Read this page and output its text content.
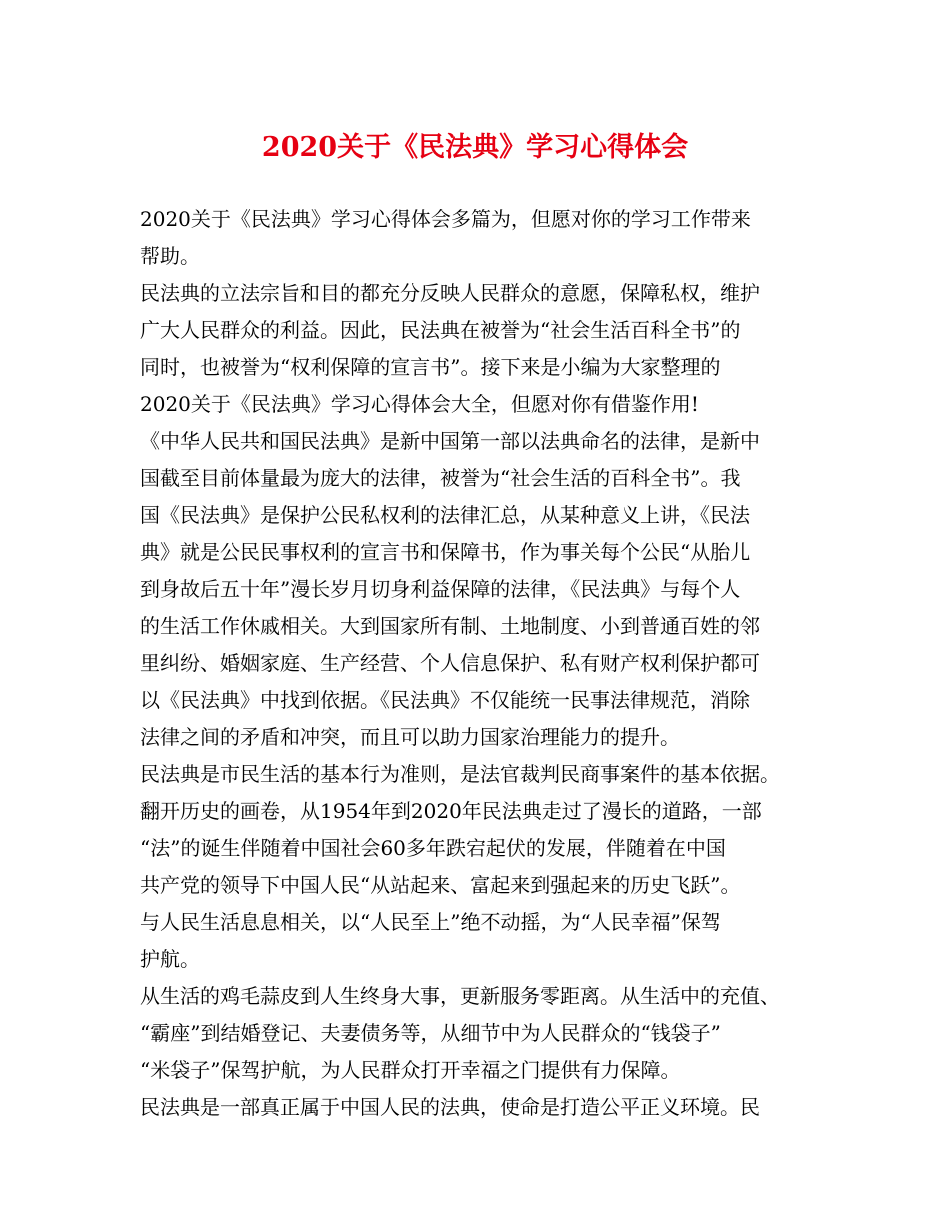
2020关于《民法典》学习心得体会
2020关于《民法典》学习心得体会多篇为，但愿对你的学习工作带来
帮助。
民法典的立法宗旨和目的都充分反映人民群众的意愿，保障私权，维护
广大人民群众的利益。因此，民法典在被誉为“社会生活百科全书”的
同时，也被誉为“权利保障的宣言书”。接下来是小编为大家整理的
2020关于《民法典》学习心得体会大全，但愿对你有借鉴作用!
《中华人民共和国民法典》是新中国第一部以法典命名的法律，是新中
国截至目前体量最为庞大的法律，被誉为“社会生活的百科全书”。我
国《民法典》是保护公民私权利的法律汇总，从某种意义上讲，《民法
典》就是公民民事权利的宣言书和保障书，作为事关每个公民“从胎儿
到身故后五十年”漫长岁月切身利益保障的法律，《民法典》与每个人
的生活工作休戚相关。大到国家所有制、土地制度、小到普通百姓的邻
里纠纷、婚姻家庭、生产经营、个人信息保护、私有财产权利保护都可
以《民法典》中找到依据。《民法典》不仅能统一民事法律规范，消除
法律之间的矛盾和冲突，而且可以助力国家治理能力的提升。
民法典是市民生活的基本行为准则，是法官裁判民商事案件的基本依据。
翻开历史的画卷，从1954年到2020年民法典走过了漫长的道路，一部
“法”的诞生伴随着中国社会60多年跌宕起伏的发展，伴随着在中国
共产党的领导下中国人民“从站起来、富起来到强起来的历史飞跃”。
与人民生活息息相关，以“人民至上”绝不动摇，为“人民幸福”保驾
护航。
从生活的鸡毛蒜皮到人生终身大事，更新服务零距离。从生活中的充值、
“霸座”到结婚登记、夫妻债务等，从细节中为人民群众的“钱袋子”
“米袋子”保驾护航，为人民群众打开幸福之门提供有力保障。
民法典是一部真正属于中国人民的法典，使命是打造公平正义环境。民
